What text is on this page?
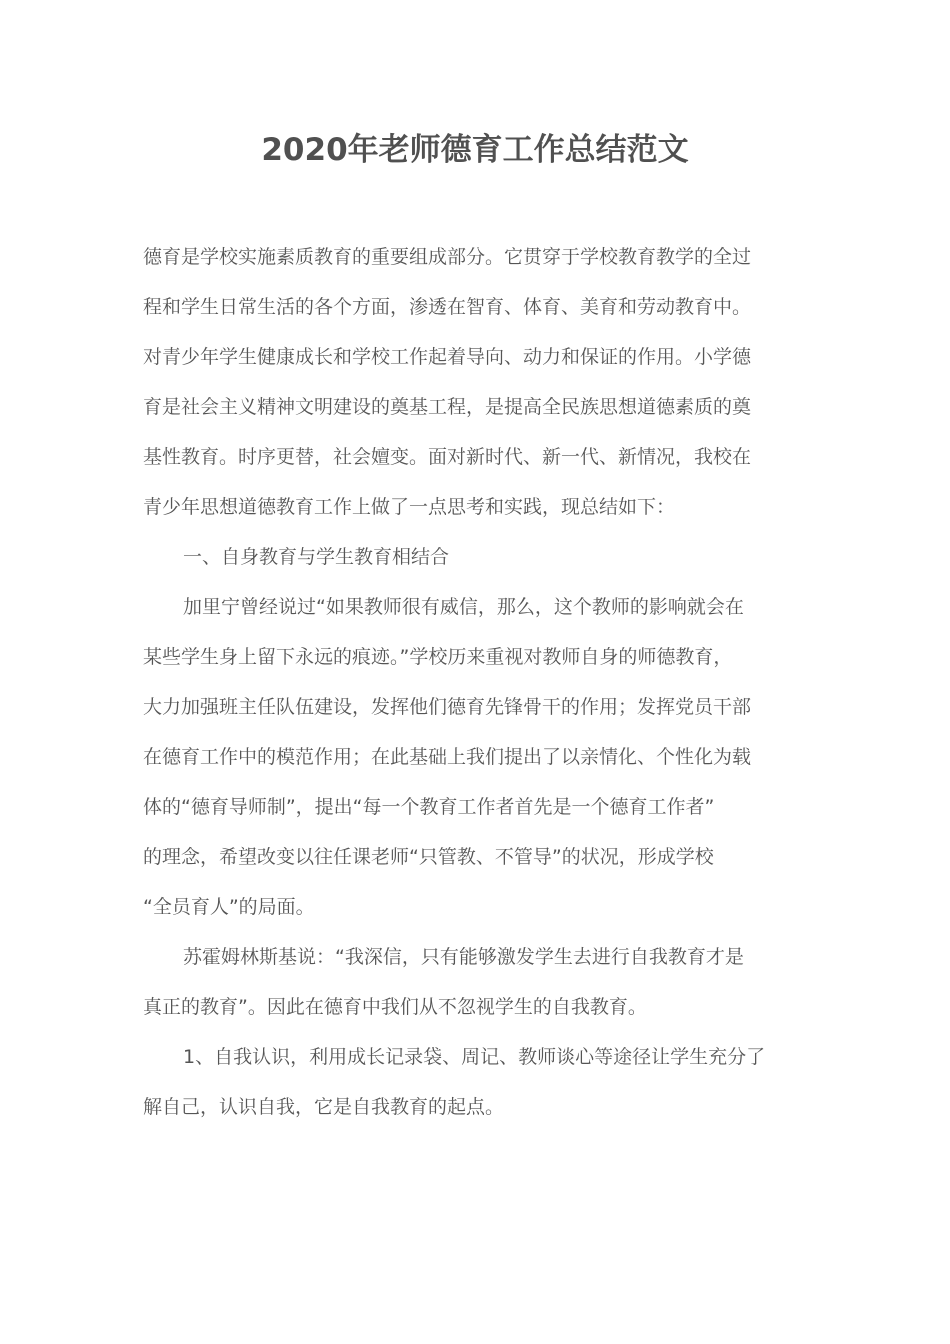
2020年老师德育工作总结范文
德育是学校实施素质教育的重要组成部分。它贯穿于学校教育教学的全过
程和学生日常生活的各个方面，渗透在智育、体育、美育和劳动教育中。
对青少年学生健康成长和学校工作起着导向、动力和保证的作用。小学德
育是社会主义精神文明建设的奠基工程，是提高全民族思想道德素质的奠
基性教育。时序更替，社会嬗变。面对新时代、新一代、新情况，我校在
青少年思想道德教育工作上做了一点思考和实践，现总结如下：
一、自身教育与学生教育相结合
加里宁曾经说过“如果教师很有威信，那么，这个教师的影响就会在
某些学生身上留下永远的痕迹。”学校历来重视对教师自身的师德教育，
大力加强班主任队伍建设，发挥他们德育先锋骨干的作用；发挥党员干部
在德育工作中的模范作用；在此基础上我们提出了以亲情化、个性化为载
体的“德育导师制”，提出“每一个教育工作者首先是一个德育工作者”
的理念，希望改变以往任课老师“只管教、不管导”的状况，形成学校
“全员育人”的局面。
苏霍姆林斯基说：“我深信，只有能够激发学生去进行自我教育才是
真正的教育”。因此在德育中我们从不忽视学生的自我教育。
1、自我认识，利用成长记录袋、周记、教师谈心等途径让学生充分了
解自己，认识自我，它是自我教育的起点。
